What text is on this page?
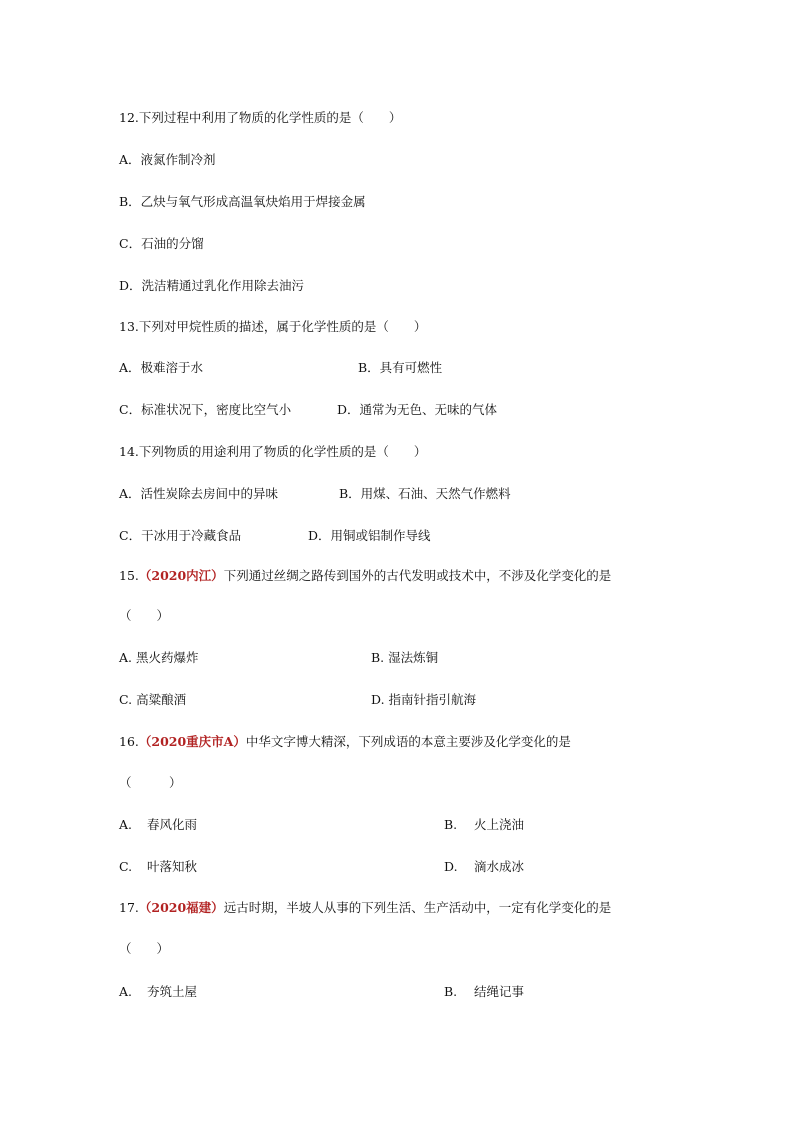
12.下列过程中利用了物质的化学性质的是（　　）
A．液氮作制冷剂
B．乙炔与氧气形成高温氧炔焰用于焊接金属
C．石油的分馏
D．洗洁精通过乳化作用除去油污
13.下列对甲烷性质的描述，属于化学性质的是（　　）
A．极难溶于水	B．具有可燃性
C．标准状况下，密度比空气小	D．通常为无色、无味的气体
14.下列物质的用途利用了物质的化学性质的是（　　）
A．活性炭除去房间中的异味	B．用煤、石油、天然气作燃料
C．干冰用于冷藏食品	D．用铜或铝制作导线
15.（2020内江）下列通过丝绸之路传到国外的古代发明或技术中，不涉及化学变化的是
（　　）
A. 黑火药爆炸	B. 湿法炼铜
C. 高粱酿酒	D. 指南针指引航海
16.（2020重庆市A）中华文字博大精深，下列成语的本意主要涉及化学变化的是
（　　　）
A. 春风化雨	B. 火上浇油
C. 叶落知秋	D. 滴水成冰
17.（2020福建）远古时期，半坡人从事的下列生活、生产活动中，一定有化学变化的是
（　　）
A. 夯筑土屋	B. 结绳记事
